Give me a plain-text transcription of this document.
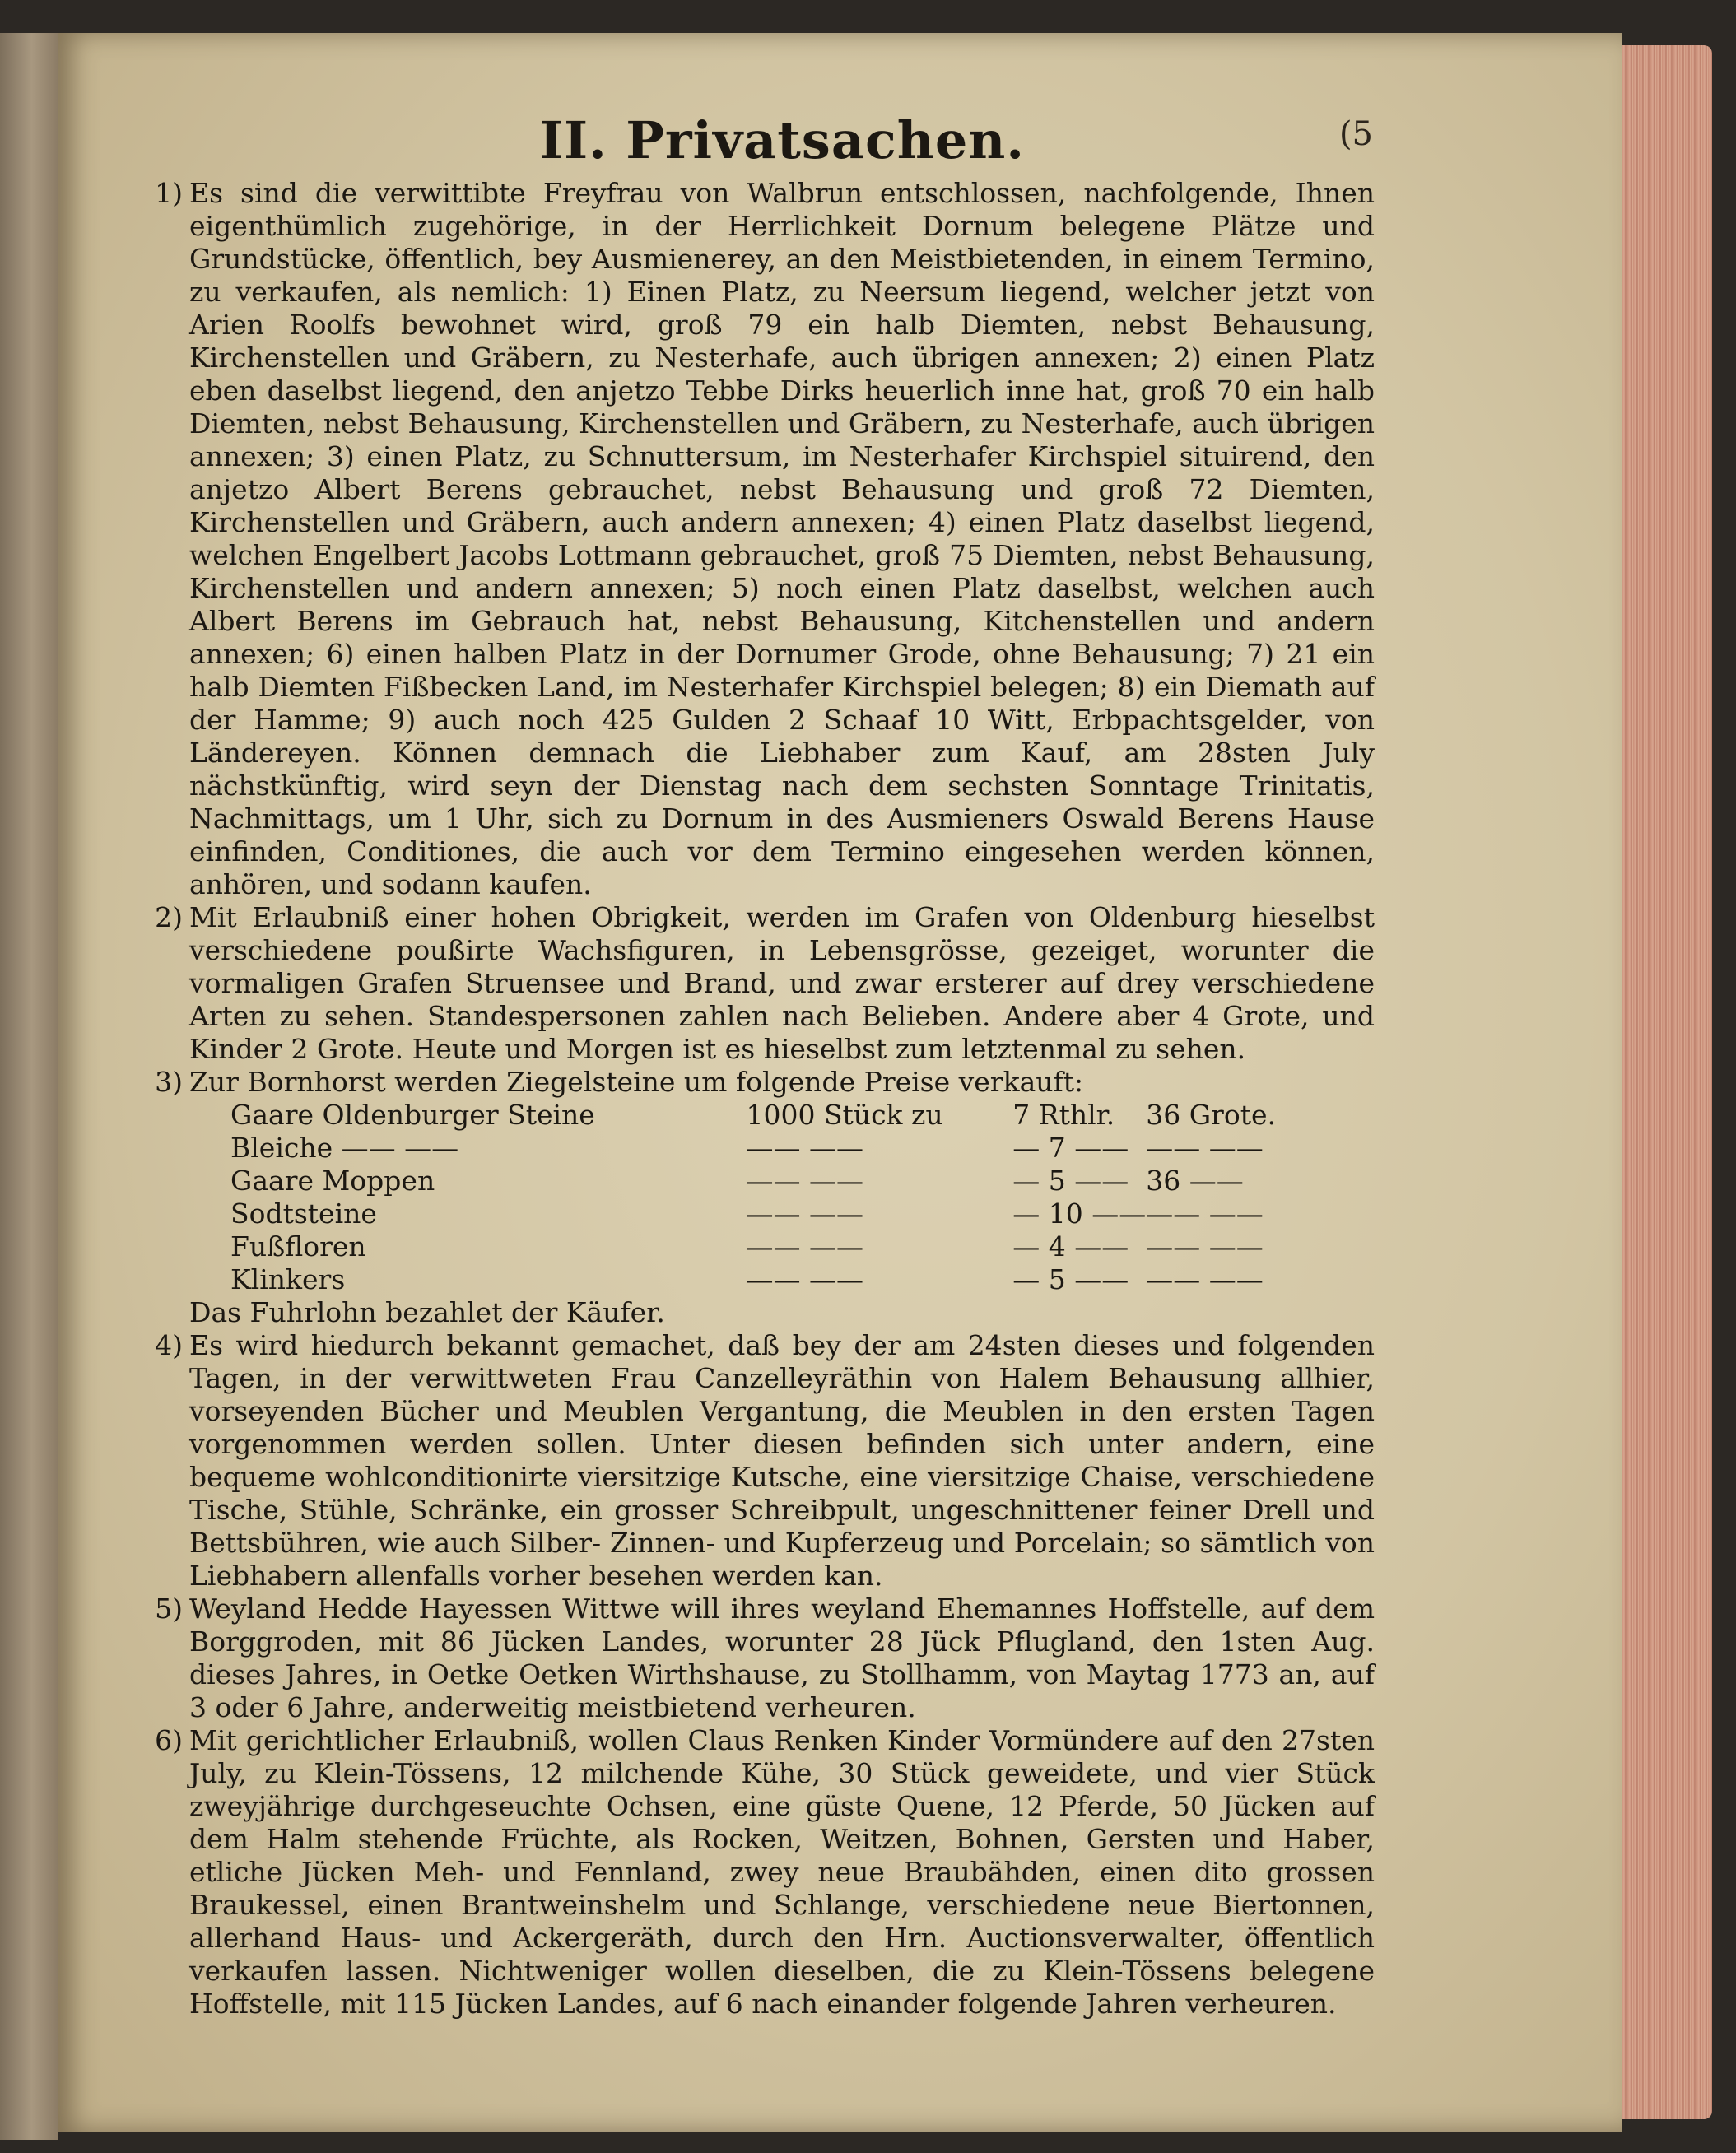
(5
II. Privatsachen.
1) Es sind die verwittibte Freyfrau von Walbrun entschlossen, nachfolgende, Ihnen eigenthümlich zugehörige, in der Herrlichkeit Dornum belegene Plätze und Grundstücke, öffentlich, bey Ausmienerey, an den Meistbietenden, in einem Termino, zu verkaufen, als nemlich: 1) Einen Platz, zu Neersum liegend, welcher jetzt von Arien Roolfs bewohnet wird, groß 79 ein halb Diemten, nebst Behausung, Kirchenstellen und Gräbern, zu Nesterhafe, auch übrigen annexen; 2) einen Platz eben daselbst liegend, den anjetzo Tebbe Dirks heuerlich inne hat, groß 70 ein halb Diemten, nebst Behausung, Kirchenstellen und Gräbern, zu Nesterhafe, auch übrigen annexen; 3) einen Platz, zu Schnuttersum, im Nesterhafer Kirchspiel situirend, den anjetzo Albert Berens gebrauchet, nebst Behausung und groß 72 Diemten, Kirchenstellen und Gräbern, auch andern annexen; 4) einen Platz daselbst liegend, welchen Engelbert Jacobs Lottmann gebrauchet, groß 75 Diemten, nebst Behausung, Kirchenstellen und andern annexen; 5) noch einen Platz daselbst, welchen auch Albert Berens im Gebrauch hat, nebst Behausung, Kitchenstellen und andern annexen; 6) einen halben Platz in der Dornumer Grode, ohne Behausung; 7) 21 ein halb Diemten Fißbecken Land, im Nesterhafer Kirchspiel belegen; 8) ein Diemath auf der Hamme; 9) auch noch 425 Gulden 2 Schaaf 10 Witt, Erbpachtsgelder, von Ländereyen. Können demnach die Liebhaber zum Kauf, am 28sten July nächstkünftig, wird seyn der Dienstag nach dem sechsten Sonntage Trinitatis, Nachmittags, um 1 Uhr, sich zu Dornum in des Ausmieners Oswald Berens Hause einfinden, Conditiones, die auch vor dem Termino eingesehen werden können, anhören, und sodann kaufen.

2) Mit Erlaubniß einer hohen Obrigkeit, werden im Grafen von Oldenburg hieselbst verschiedene poußirte Wachsfiguren, in Lebensgrösse, gezeiget, worunter die vormaligen Grafen Struensee und Brand, und zwar ersterer auf drey verschiedene Arten zu sehen. Standespersonen zahlen nach Belieben. Andere aber 4 Grote, und Kinder 2 Grote. Heute und Morgen ist es hieselbst zum letztenmal zu sehen.

3) Zur Bornhorst werden Ziegelsteine um folgende Preise verkauft:

Gaare Oldenburger Steine	1000 Stück zu	7 Rthlr.	36 Grote.
Bleiche —— ——	—— ——	— 7 ——	—— ——
Gaare Moppen	—— ——	— 5 ——	36 ——
Sodtsteine	—— ——	— 10 ——	—— ——
Fußfloren	—— ——	— 4 ——	—— ——
Klinkers	—— ——	— 5 ——	—— ——

Das Fuhrlohn bezahlet der Käufer.

4) Es wird hiedurch bekannt gemachet, daß bey der am 24sten dieses und folgenden Tagen, in der verwittweten Frau Canzelleyräthin von Halem Behausung allhier, vorseyenden Bücher und Meublen Vergantung, die Meublen in den ersten Tagen vorgenommen werden sollen. Unter diesen befinden sich unter andern, eine bequeme wohlconditionirte viersitzige Kutsche, eine viersitzige Chaise, verschiedene Tische, Stühle, Schränke, ein grosser Schreibpult, ungeschnittener feiner Drell und Bettsbühren, wie auch Silber- Zinnen- und Kupferzeug und Porcelain; so sämtlich von Liebhabern allenfalls vorher besehen werden kan.

5) Weyland Hedde Hayessen Wittwe will ihres weyland Ehemannes Hoffstelle, auf dem Borggroden, mit 86 Jücken Landes, worunter 28 Jück Pflugland, den 1sten Aug. dieses Jahres, in Oetke Oetken Wirthshause, zu Stollhamm, von Maytag 1773 an, auf 3 oder 6 Jahre, anderweitig meistbietend verheuren.

6) Mit gerichtlicher Erlaubniß, wollen Claus Renken Kinder Vormündere auf den 27sten July, zu Klein-Tössens, 12 milchende Kühe, 30 Stück geweidete, und vier Stück zweyjährige durchgeseuchte Ochsen, eine güste Quene, 12 Pferde, 50 Jücken auf dem Halm stehende Früchte, als Rocken, Weitzen, Bohnen, Gersten und Haber, etliche Jücken Meh- und Fennland, zwey neue Braubähden, einen dito grossen Braukessel, einen Brantweinshelm und Schlange, verschiedene neue Biertonnen, allerhand Haus- und Ackergeräth, durch den Hrn. Auctionsverwalter, öffentlich verkaufen lassen. Nichtweniger wollen dieselben, die zu Klein-Tössens belegene Hoffstelle, mit 115 Jücken Landes, auf 6 nach einander folgende Jahren verheuren.
